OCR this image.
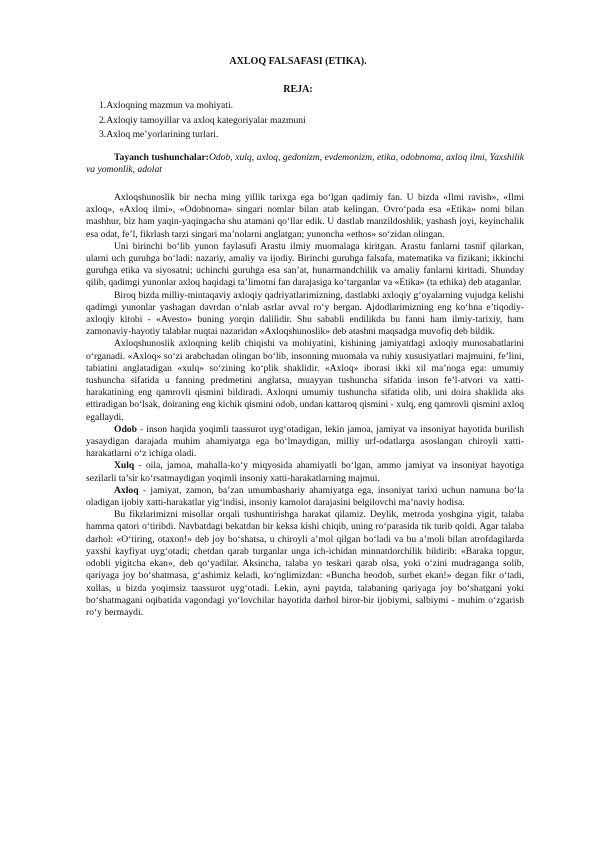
AXLOQ FALSAFASI (ETIKA).
REJA:
1.Axloqning mazmun va mohiyati.
2.Axloqiy tamoyillar va axloq kategoriyalar mazmuni
3.Axloq me’yorlarining turlari.

Tayanch tushunchalar:Odob, xulq, axloq, gedonizm, evdemonizm, etika, odobnoma, axloq ilmi, Yaxshilik va yomonlik, adolat

Axloqshunoslik bir necha ming yillik tarixga ega bo‘lgan qadimiy fan. U bizda «Ilmi ravish», «Ilmi axloq», «Axloq ilmi», «Odobnoma» singari nomlar bilan atab kelingan. Ovro‘pada esa «Etika» nomi bilan mashhur, biz ham yaqin-yaqingacha shu atamani qo‘llar edik. U dastlab manzildoshlik, yashash joyi, keyinchalik esa odat, fe’l, fikrlash tarzi singari ma’nolarni anglatgan; yunoncha «ethos» so‘zidan olingan.

Uni birinchi bo‘lib yunon faylasufi Arastu ilmiy muomalaga kiritgan. Arastu fanlarni tasnif qilarkan, ularni uch guruhga bo‘ladi: nazariy, amaliy va ijodiy. Birinchi guruhga falsafa, matematika va fizikani; ikkinchi guruhga etika va siyosatni; uchinchi guruhga esa san’at, hunarmandchilik va amaliy fanlarni kiritadi. Shunday qilib, qadimgi yunonlar axloq haqidagi ta’limotni fan darajasiga ko‘targanlar va «Etika» (ta ethika) deb ataganlar.

Biroq bizda milliy-mintaqaviy axloqiy qadriyatlarimizning, dastlabki axloqiy g‘oyalarning vujudga kelishi qadimgi yunonlar yashagan davrdan o‘nlab asrlar avval ro‘y bergan. Ajdodlarimizning eng ko‘hna e’tiqodiy-axloqiy kitobi - «Avesto» buning yorqin dalilidir. Shu sababli endilikda bu fanni ham ilmiy-tarixiy, ham zamonaviy-hayotiy talablar nuqtai nazaridan «Axloqshunoslik» deb atashni maqsadga muvofiq deb bildik.

Axloqshunoslik axloqning kelib chiqishi va mohiyatini, kishining jamiyatdagi axloqiy munosabatlarini o‘rganadi. «Axloq» so‘zi arabchadan olingan bo‘lib, insonning muomala va ruhiy xususiyatlari majmuini, fe’lini, tabiatini anglatadigan «xulq» so‘zining ko‘plik shaklidir. «Axloq» iborasi ikki xil ma’noga ega: umumiy tushuncha sifatida u fanning predmetini anglatsa, muayyan tushuncha sifatida inson fe’l-atvori va xatti-harakatining eng qamrovli qismini bildiradi. Axloqni umumiy tushuncha sifatida olib, uni doira shaklida aks ettiradigan bo‘lsak, doiraning eng kichik qismini odob, undan kattaroq qismini - xulq, eng qamrovli qismini axloq egallaydi.

Odob - inson haqida yoqimli taassurot uyg‘otadigan, lekin jamoa, jamiyat va insoniyat hayotida burilish yasaydigan darajada muhim ahamiyatga ega bo‘lmaydigan, milliy urf-odatlarga asoslangan chiroyli xatti-harakatlarni o‘z ichiga oladi.

Xulq - oila, jamoa, mahalla-ko‘y miqyosida ahamiyatli bo‘lgan, ammo jamiyat va insoniyat hayotiga sezilarli ta’sir ko‘rsatmaydigan yoqimli insoniy xatti-harakatlarning majmui.

Axloq - jamiyat, zamon, ba’zan umumbashariy ahamiyatga ega, insoniyat tarixi uchun namuna bo‘la oladigan ijobiy xatti-harakatlar yig‘indisi, insoniy kamolot darajasini belgilovchi ma’naviy hodisa.

Bu fikrlarimizni misollar orqali tushuntirishga harakat qilamiz. Deylik, metroda yoshgina yigit, talaba hamma qatori o‘tiribdi. Navbatdagi bekatdan bir keksa kishi chiqib, uning ro‘parasida tik turib qoldi. Agar talaba darhol: «O‘tiring, otaxon!» deb joy bo‘shatsa, u chiroyli a’mol qilgan bo‘ladi va bu a’moli bilan atrofdagilarda yaxshi kayfiyat uyg‘otadi; chetdan qarab turganlar unga ich-ichidan minnatdorchilik bildirib: «Baraka topgur, odobli yigitcha ekan», deb qo‘yadilar. Aksincha, talaba yo teskari qarab olsa, yoki o‘zini mudraganga solib, qariyaga joy bo‘shatmasa, g‘ashimiz keladi, ko‘nglimizdan: «Buncha beodob, surbet ekan!» degan fikr o‘tadi, xullas, u bizda yoqimsiz taassurot uyg‘otadi. Lekin, ayni paytda, talabaning qariyaga joy bo‘shatgani yoki bo‘shatmagani oqibatida vagondagi yo‘lovchilar hayotida darhol biror-bir ijobiymi, salbiymi - muhim o‘zgarish ro‘y bermaydi.
